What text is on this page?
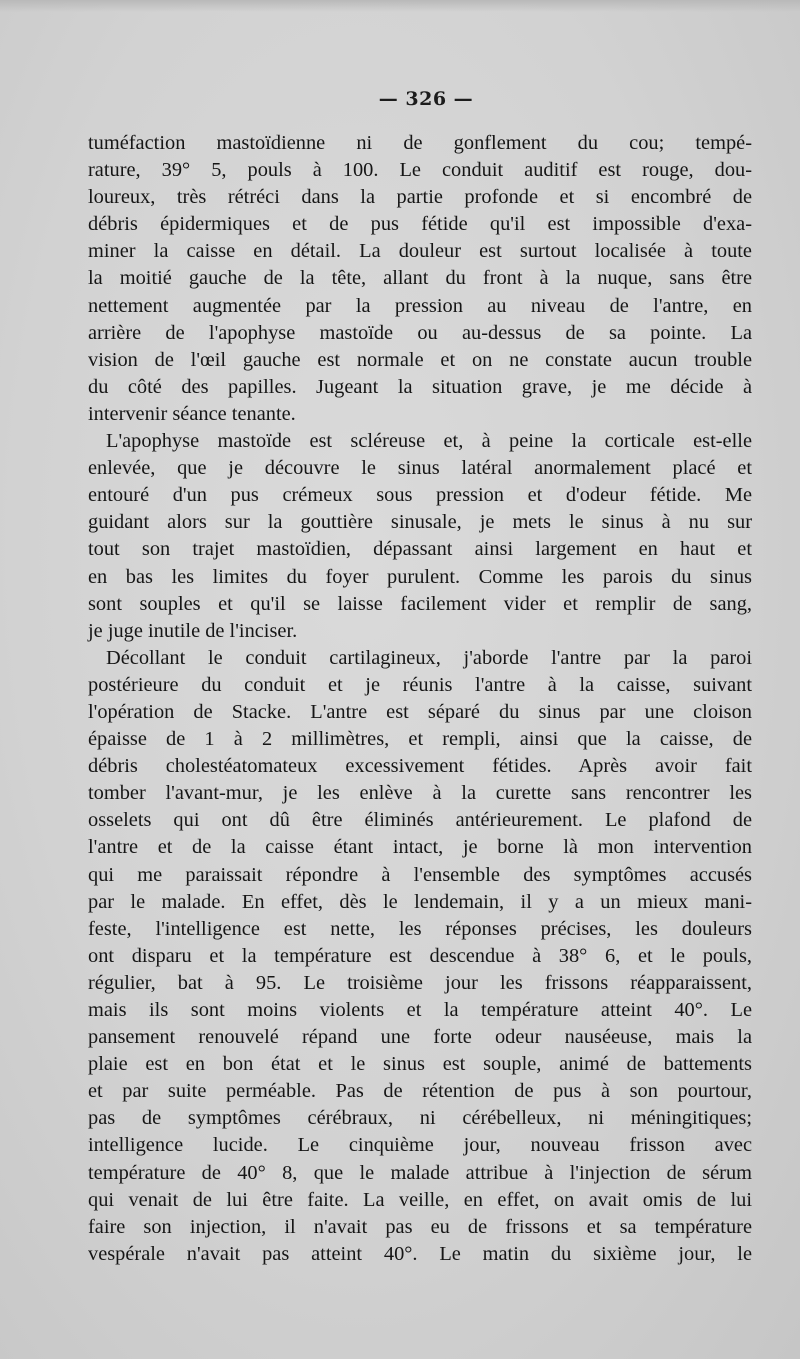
— 326 —
tuméfaction mastoïdienne ni de gonflement du cou; tempé-
rature, 39° 5, pouls à 100. Le conduit auditif est rouge, dou-
loureux, très rétréci dans la partie profonde et si encombré de
débris épidermiques et de pus fétide qu'il est impossible d'exa-
miner la caisse en détail. La douleur est surtout localisée à toute
la moitié gauche de la tête, allant du front à la nuque, sans être
nettement augmentée par la pression au niveau de l'antre, en
arrière de l'apophyse mastoïde ou au-dessus de sa pointe. La
vision de l'œil gauche est normale et on ne constate aucun trouble
du côté des papilles. Jugeant la situation grave, je me décide à
intervenir séance tenante.
L'apophyse mastoïde est scléreuse et, à peine la corticale est-elle
enlevée, que je découvre le sinus latéral anormalement placé et
entouré d'un pus crémeux sous pression et d'odeur fétide. Me
guidant alors sur la gouttière sinusale, je mets le sinus à nu sur
tout son trajet mastoïdien, dépassant ainsi largement en haut et
en bas les limites du foyer purulent. Comme les parois du sinus
sont souples et qu'il se laisse facilement vider et remplir de sang,
je juge inutile de l'inciser.
Décollant le conduit cartilagineux, j'aborde l'antre par la paroi
postérieure du conduit et je réunis l'antre à la caisse, suivant
l'opération de Stacke. L'antre est séparé du sinus par une cloison
épaisse de 1 à 2 millimètres, et rempli, ainsi que la caisse, de
débris cholestéatomateux excessivement fétides. Après avoir fait
tomber l'avant-mur, je les enlève à la curette sans rencontrer les
osselets qui ont dû être éliminés antérieurement. Le plafond de
l'antre et de la caisse étant intact, je borne là mon intervention
qui me paraissait répondre à l'ensemble des symptômes accusés
par le malade. En effet, dès le lendemain, il y a un mieux mani-
feste, l'intelligence est nette, les réponses précises, les douleurs
ont disparu et la température est descendue à 38° 6, et le pouls,
régulier, bat à 95. Le troisième jour les frissons réapparaissent,
mais ils sont moins violents et la température atteint 40°. Le
pansement renouvelé répand une forte odeur nauséeuse, mais la
plaie est en bon état et le sinus est souple, animé de battements
et par suite perméable. Pas de rétention de pus à son pourtour,
pas de symptômes cérébraux, ni cérébelleux, ni méningitiques;
intelligence lucide. Le cinquième jour, nouveau frisson avec
température de 40° 8, que le malade attribue à l'injection de sérum
qui venait de lui être faite. La veille, en effet, on avait omis de lui
faire son injection, il n'avait pas eu de frissons et sa température
vespérale n'avait pas atteint 40°. Le matin du sixième jour, le
